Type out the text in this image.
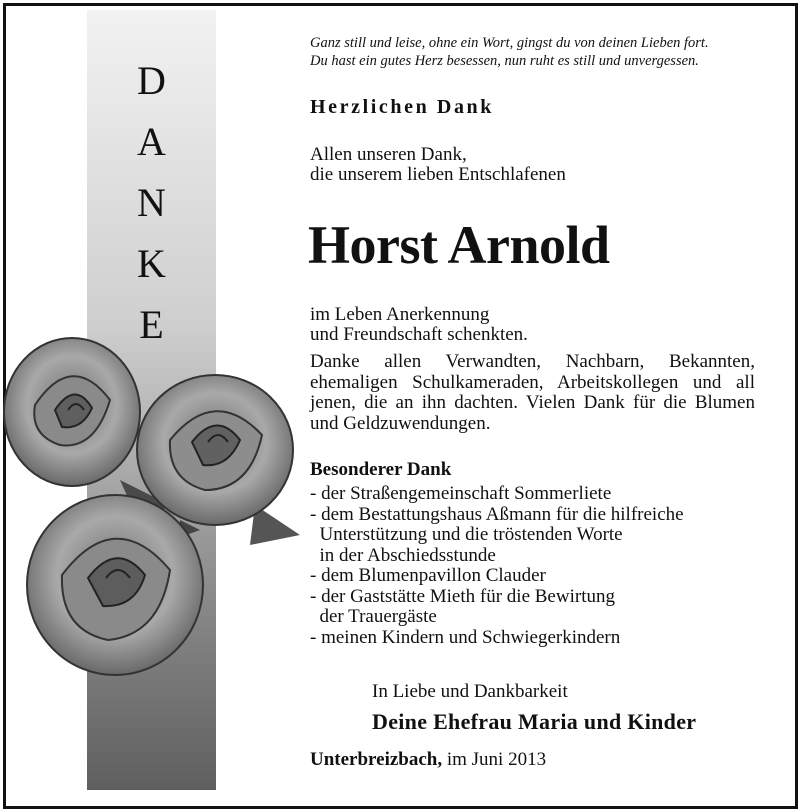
D
A
N
K
E
Ganz still und leise, ohne ein Wort, gingst du von deinen Lieben fort.
Du hast ein gutes Herz besessen, nun ruht es still und unvergessen.
Herzlichen Dank
Allen unseren Dank,
die unserem lieben Entschlafenen
Horst Arnold
im Leben Anerkennung
und Freundschaft schenkten.
Danke allen Verwandten, Nachbarn, Bekannten, ehemaligen Schulkameraden, Arbeitskollegen und all jenen, die an ihn dachten. Vielen Dank für die Blumen und Geldzuwendungen.
Besonderer Dank
- der Straßengemeinschaft Sommerliete
- dem Bestattungshaus Aßmann für die hilfreiche
Unterstützung und die tröstenden Worte
in der Abschiedsstunde
- dem Blumenpavillon Clauder
- der Gaststätte Mieth für die Bewirtung
der Trauergäste
- meinen Kindern und Schwiegerkindern
In Liebe und Dankbarkeit
Deine Ehefrau Maria und Kinder
Unterbreizbach, im Juni 2013
